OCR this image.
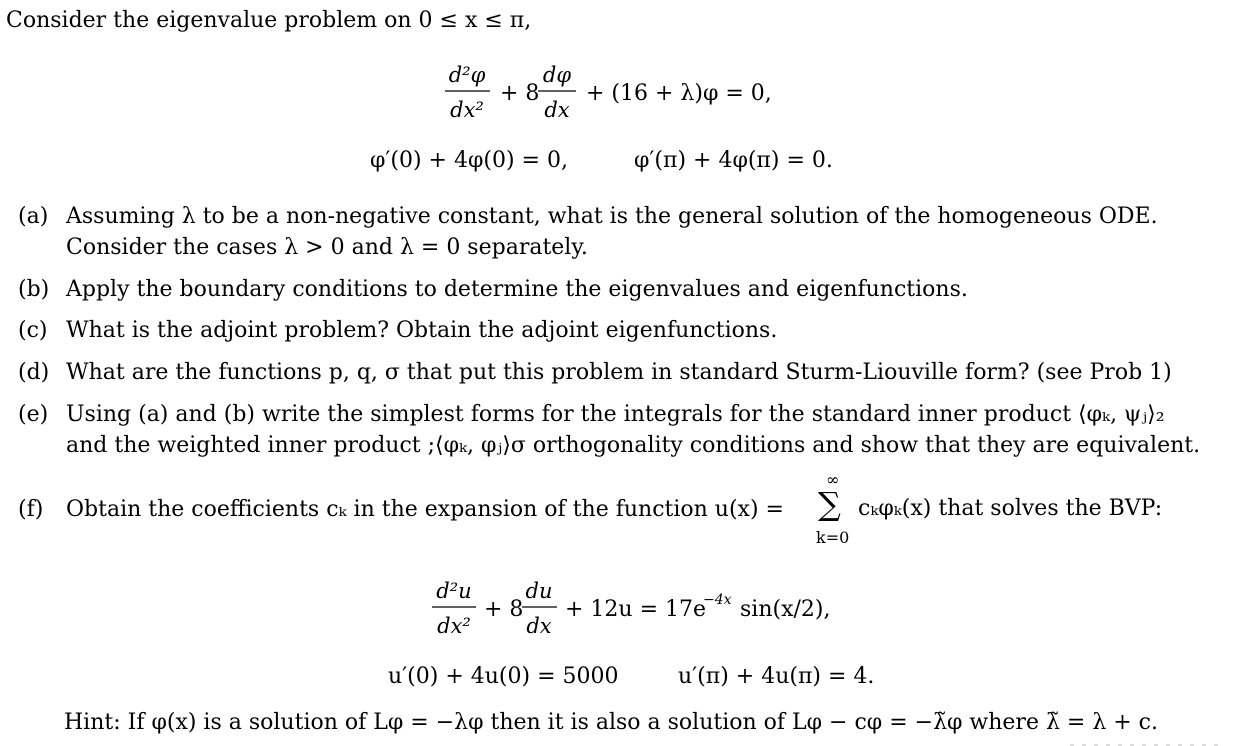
Consider the eigenvalue problem on 0 ≤ x ≤ π,
d²φ
dx²
+ 8
dφ
dx
+ (16 + λ)φ = 0,
φ′(0) + 4φ(0) = 0,	φ′(π) + 4φ(π) = 0.
(a) Assuming λ to be a non-negative constant, what is the general solution of the homogeneous ODE.
Consider the cases λ > 0 and λ = 0 separately.
(b) Apply the boundary conditions to determine the eigenvalues and eigenfunctions.
(c) What is the adjoint problem? Obtain the adjoint eigenfunctions.
(d) What are the functions p, q, σ that put this problem in standard Sturm-Liouville form? (see Prob 1)
(e) Using (a) and (b) write the simplest forms for the integrals for the standard inner product ⟨φₖ, ψⱼ⟩₂
and the weighted inner product ;⟨φₖ, φⱼ⟩σ orthogonality conditions and show that they are equivalent.
(f) Obtain the coefficients cₖ in the expansion of the function u(x) =
∞
∑
k=0
cₖφₖ(x) that solves the BVP:
d²u
dx²
+ 8
du
dx
+ 12u = 17e
−4x sin(x/2),
u′(0) + 4u(0) = 5000	u′(π) + 4u(π) = 4.
Hint: If φ(x) is a solution of Lφ = −λφ then it is also a solution of Lφ − cφ = −λ̃φ where λ̃ = λ + c.
